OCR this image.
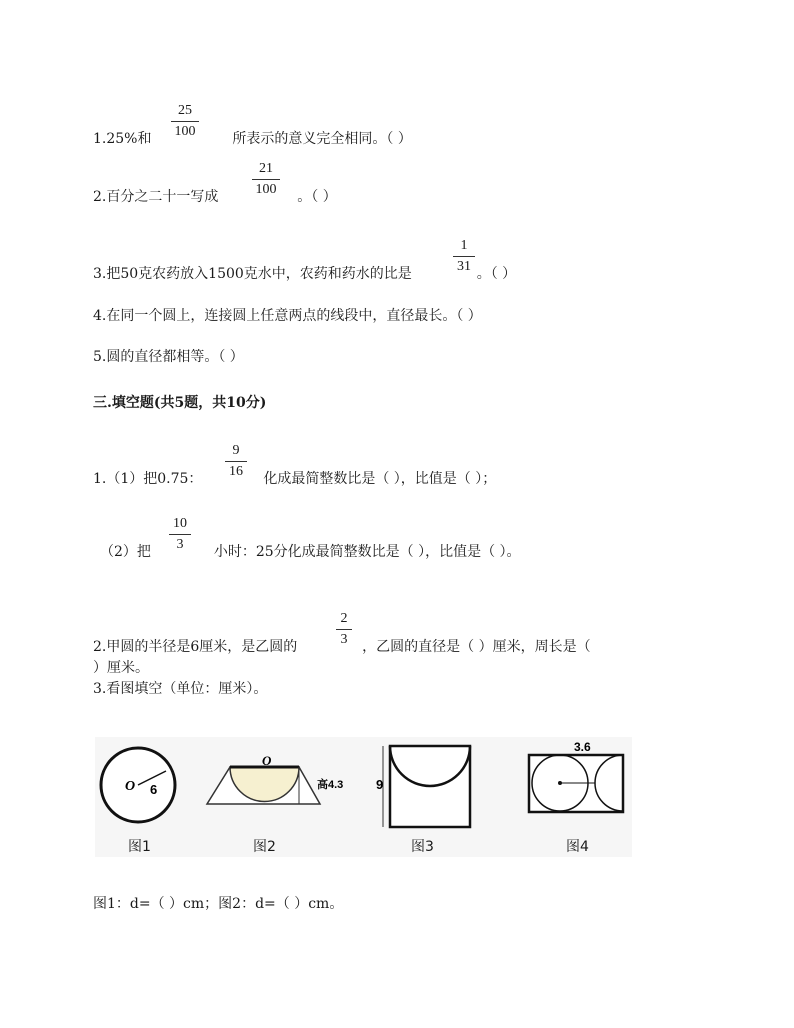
25
100
1.25%和	所表示的意义完全相同。（ ）
21
100
2.百分之二十一写成	。（ ）
1
31
3.把50克农药放入1500克水中，农药和药水的比是	。（ ）
4.在同一个圆上，连接圆上任意两点的线段中，直径最长。（ ）
5.圆的直径都相等。（ ）
三.填空题(共5题，共10分)
9
16
1.（1）把0.75：	化成最简整数比是（ ），比值是（ ）；
10
3
（2）把	小时：25分化成最简整数比是（ ），比值是（ ）。
2
3
2.甲圆的半径是6厘米，是乙圆的	，乙圆的直径是（ ）厘米，周长是（
）厘米。
3.看图填空（单位：厘米）。
O 6
O
高4.3	9
3.6
图1	图2	图3	图4
图1：d=（ ）cm；图2：d=（ ）cm。
